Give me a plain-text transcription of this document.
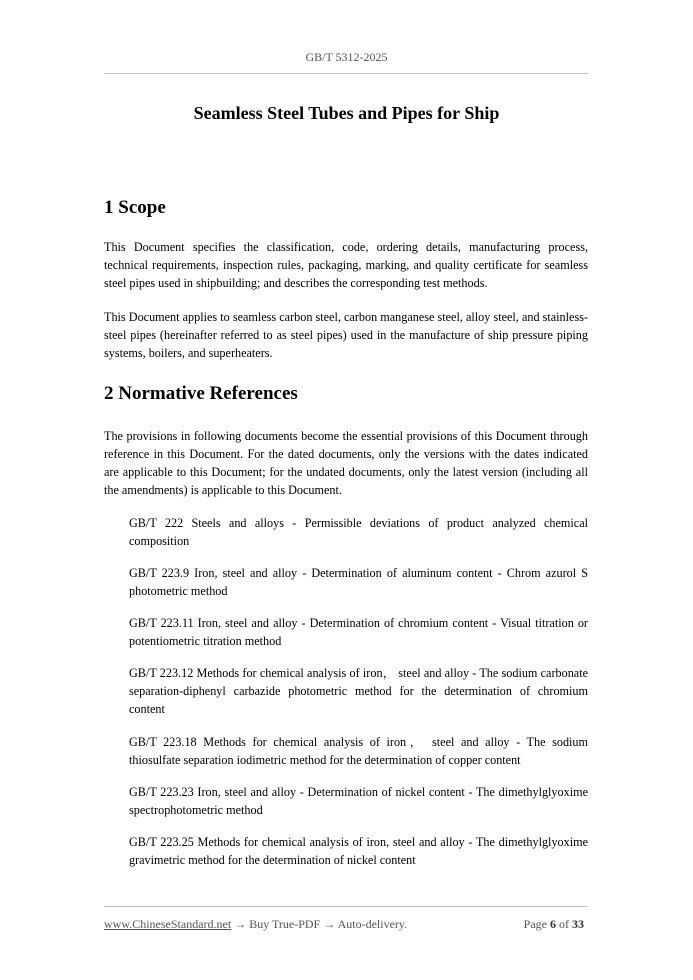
GB/T 5312-2025
Seamless Steel Tubes and Pipes for Ship
1 Scope
This Document specifies the classification, code, ordering details, manufacturing process, technical requirements, inspection rules, packaging, marking, and quality certificate for seamless steel pipes used in shipbuilding; and describes the corresponding test methods.
This Document applies to seamless carbon steel, carbon manganese steel, alloy steel, and stainless-steel pipes (hereinafter referred to as steel pipes) used in the manufacture of ship pressure piping systems, boilers, and superheaters.
2 Normative References
The provisions in following documents become the essential provisions of this Document through reference in this Document. For the dated documents, only the versions with the dates indicated are applicable to this Document; for the undated documents, only the latest version (including all the amendments) is applicable to this Document.
GB/T 222 Steels and alloys - Permissible deviations of product analyzed chemical composition
GB/T 223.9 Iron, steel and alloy - Determination of aluminum content - Chrom azurol S photometric method
GB/T 223.11 Iron, steel and alloy - Determination of chromium content - Visual titration or potentiometric titration method
GB/T 223.12 Methods for chemical analysis of iron， steel and alloy - The sodium carbonate separation-diphenyl carbazide photometric method for the determination of chromium content
GB/T 223.18 Methods for chemical analysis of iron， steel and alloy - The sodium thiosulfate separation iodimetric method for the determination of copper content
GB/T 223.23 Iron, steel and alloy - Determination of nickel content - The dimethylglyoxime spectrophotometric method
GB/T 223.25 Methods for chemical analysis of iron, steel and alloy - The dimethylglyoxime gravimetric method for the determination of nickel content
www.ChineseStandard.net → Buy True-PDF → Auto-delivery.	Page 6 of 33
